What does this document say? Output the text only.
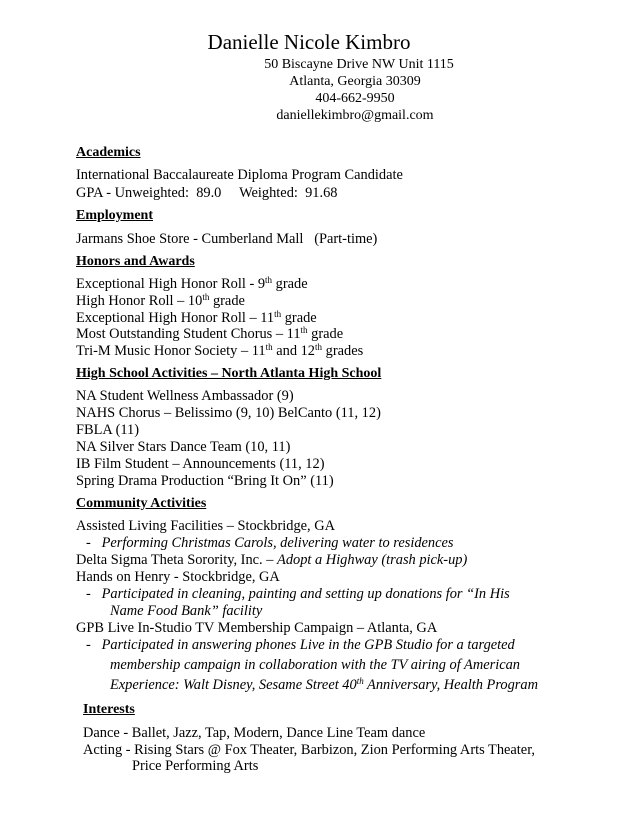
Danielle Nicole Kimbro
50 Biscayne Drive NW Unit 1115
Atlanta, Georgia 30309
404-662-9950
daniellekimbro@gmail.com
Academics
International Baccalaureate Diploma Program Candidate
GPA - Unweighted:  89.0     Weighted:  91.68
Employment
Jarmans Shoe Store - Cumberland Mall   (Part-time)
Honors and Awards
Exceptional High Honor Roll - 9th grade
High Honor Roll – 10th grade
Exceptional High Honor Roll – 11th grade
Most Outstanding Student Chorus – 11th grade
Tri-M Music Honor Society – 11th and 12th grades
High School Activities – North Atlanta High School
NA Student Wellness Ambassador (9)
NAHS Chorus – Belissimo (9, 10) BelCanto (11, 12)
FBLA (11)
NA Silver Stars Dance Team (10, 11)
IB Film Student – Announcements (11, 12)
Spring Drama Production “Bring It On” (11)
Community Activities
Assisted Living Facilities – Stockbridge, GA
-   Performing Christmas Carols, delivering water to residences
Delta Sigma Theta Sorority, Inc. – Adopt a Highway (trash pick-up)
Hands on Henry - Stockbridge, GA
-   Participated in cleaning, painting and setting up donations for “In His
Name Food Bank” facility
GPB Live In-Studio TV Membership Campaign – Atlanta, GA
-   Participated in answering phones Live in the GPB Studio for a targeted
membership campaign in collaboration with the TV airing of American
Experience: Walt Disney, Sesame Street 40th Anniversary, Health Program
Interests
Dance - Ballet, Jazz, Tap, Modern, Dance Line Team dance
Acting - Rising Stars @ Fox Theater, Barbizon, Zion Performing Arts Theater,
Price Performing Arts
